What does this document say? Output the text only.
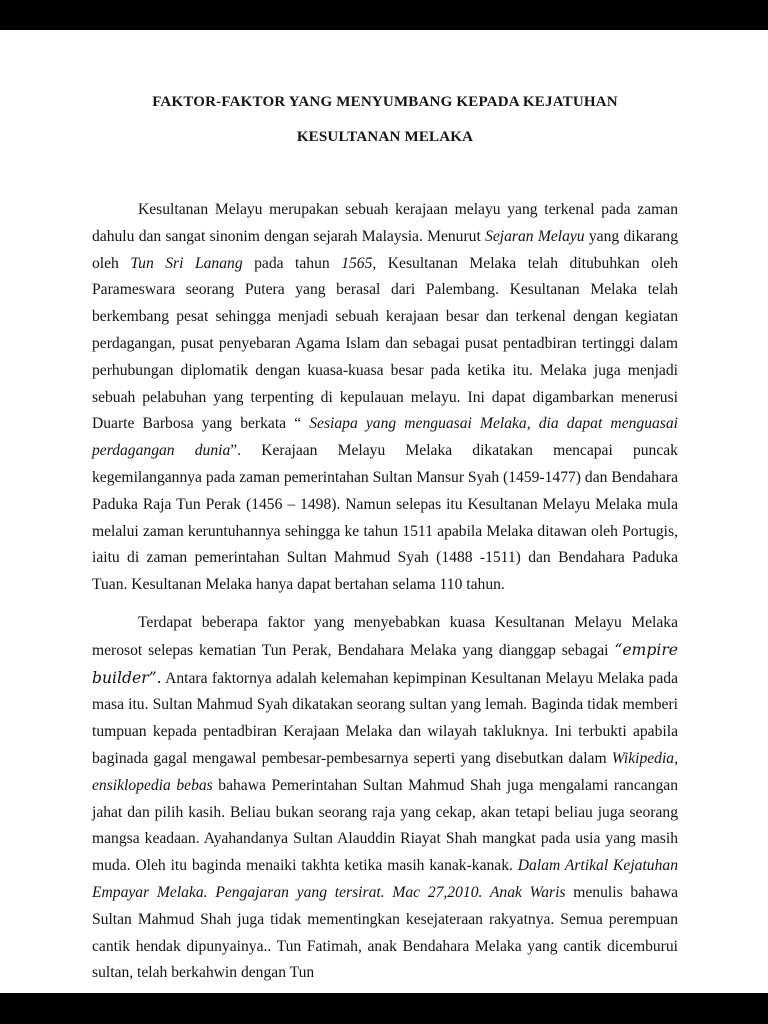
FAKTOR-FAKTOR YANG MENYUMBANG KEPADA KEJATUHAN
KESULTANAN MELAKA

Kesultanan Melayu merupakan sebuah kerajaan melayu yang terkenal pada zaman dahulu dan sangat sinonim dengan sejarah Malaysia. Menurut Sejaran Melayu yang dikarang oleh Tun Sri Lanang pada tahun 1565, Kesultanan Melaka telah ditubuhkan oleh Parameswara seorang Putera yang berasal dari Palembang. Kesultanan Melaka telah berkembang pesat sehingga menjadi sebuah kerajaan besar dan terkenal dengan kegiatan perdagangan, pusat penyebaran Agama Islam dan sebagai pusat pentadbiran tertinggi dalam perhubungan diplomatik dengan kuasa-kuasa besar pada ketika itu. Melaka juga menjadi sebuah pelabuhan yang terpenting di kepulauan melayu. Ini dapat digambarkan menerusi Duarte Barbosa yang berkata “ Sesiapa yang menguasai Melaka, dia dapat menguasai perdagangan dunia”. Kerajaan Melayu Melaka dikatakan mencapai puncak kegemilangannya pada zaman pemerintahan Sultan Mansur Syah (1459-1477) dan Bendahara Paduka Raja Tun Perak (1456 – 1498). Namun selepas itu Kesultanan Melayu Melaka mula melalui zaman keruntuhannya sehingga ke tahun 1511 apabila Melaka ditawan oleh Portugis, iaitu di zaman pemerintahan Sultan Mahmud Syah (1488 -1511) dan Bendahara Paduka Tuan. Kesultanan Melaka hanya dapat bertahan selama 110 tahun.

Terdapat beberapa faktor yang menyebabkan kuasa Kesultanan Melayu Melaka merosot selepas kematian Tun Perak, Bendahara Melaka yang dianggap sebagai “empire builder”. Antara faktornya adalah kelemahan kepimpinan Kesultanan Melayu Melaka pada masa itu. Sultan Mahmud Syah dikatakan seorang sultan yang lemah. Baginda tidak memberi tumpuan kepada pentadbiran Kerajaan Melaka dan wilayah takluknya. Ini terbukti apabila baginada gagal mengawal pembesar-pembesarnya seperti yang disebutkan dalam Wikipedia, ensiklopedia bebas bahawa Pemerintahan Sultan Mahmud Shah juga mengalami rancangan jahat dan pilih kasih. Beliau bukan seorang raja yang cekap, akan tetapi beliau juga seorang mangsa keadaan. Ayahandanya Sultan Alauddin Riayat Shah mangkat pada usia yang masih muda. Oleh itu baginda menaiki takhta ketika masih kanak-kanak. Dalam Artikal Kejatuhan Empayar Melaka. Pengajaran yang tersirat. Mac 27,2010. Anak Waris menulis bahawa Sultan Mahmud Shah juga tidak mementingkan kesejateraan rakyatnya. Semua perempuan cantik hendak dipunyainya.. Tun Fatimah, anak Bendahara Melaka yang cantik dicemburui sultan, telah berkahwin dengan Tun
